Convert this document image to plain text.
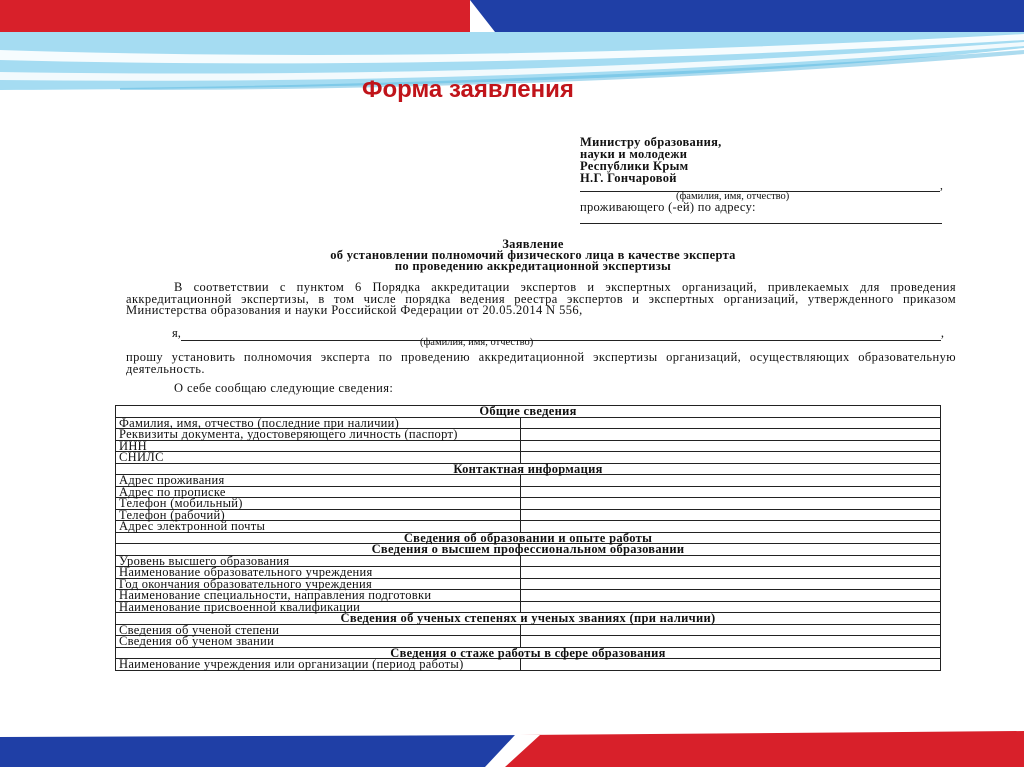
Форма заявления
Министру образования,
науки и молодежи
Республики Крым
Н.Г. Гончаровой
,
(фамилия, имя, отчество)
проживающего (-ей) по адресу:
Заявление
об установлении полномочий физического лица в качестве эксперта
по проведению аккредитационной экспертизы
В соответствии с пунктом 6 Порядка аккредитации экспертов и экспертных организаций, привлекаемых для проведения аккредитационной экспертизы, в том числе порядка ведения реестра экспертов и экспертных организаций, утвержденного приказом Министерства образования и науки Российской Федерации от 20.05.2014 N 556,
я,	,
(фамилия, имя, отчество)
прошу установить полномочия эксперта по проведению аккредитационной экспертизы организаций, осуществляющих образовательную деятельность.
О себе сообщаю следующие сведения:
Общие сведения	
Фамилия, имя, отчество (последние при наличии)	
Реквизиты документа, удостоверяющего личность (паспорт)	
ИНН	
СНИЛС	
Контактная информация	
Адрес проживания	
Адрес по прописке	
Телефон (мобильный)	
Телефон (рабочий)	
Адрес электронной почты	
Сведения об образовании и опыте работы	
Сведения о высшем профессиональном образовании	
Уровень высшего образования	
Наименование образовательного учреждения	
Год окончания образовательного учреждения	
Наименование специальности, направления подготовки	
Наименование присвоенной квалификации	
Сведения об ученых степенях и ученых званиях (при наличии)	
Сведения об ученой степени	
Сведения об ученом звании	
Сведения о стаже работы в сфере образования	
Наименование учреждения или организации (период работы)	
